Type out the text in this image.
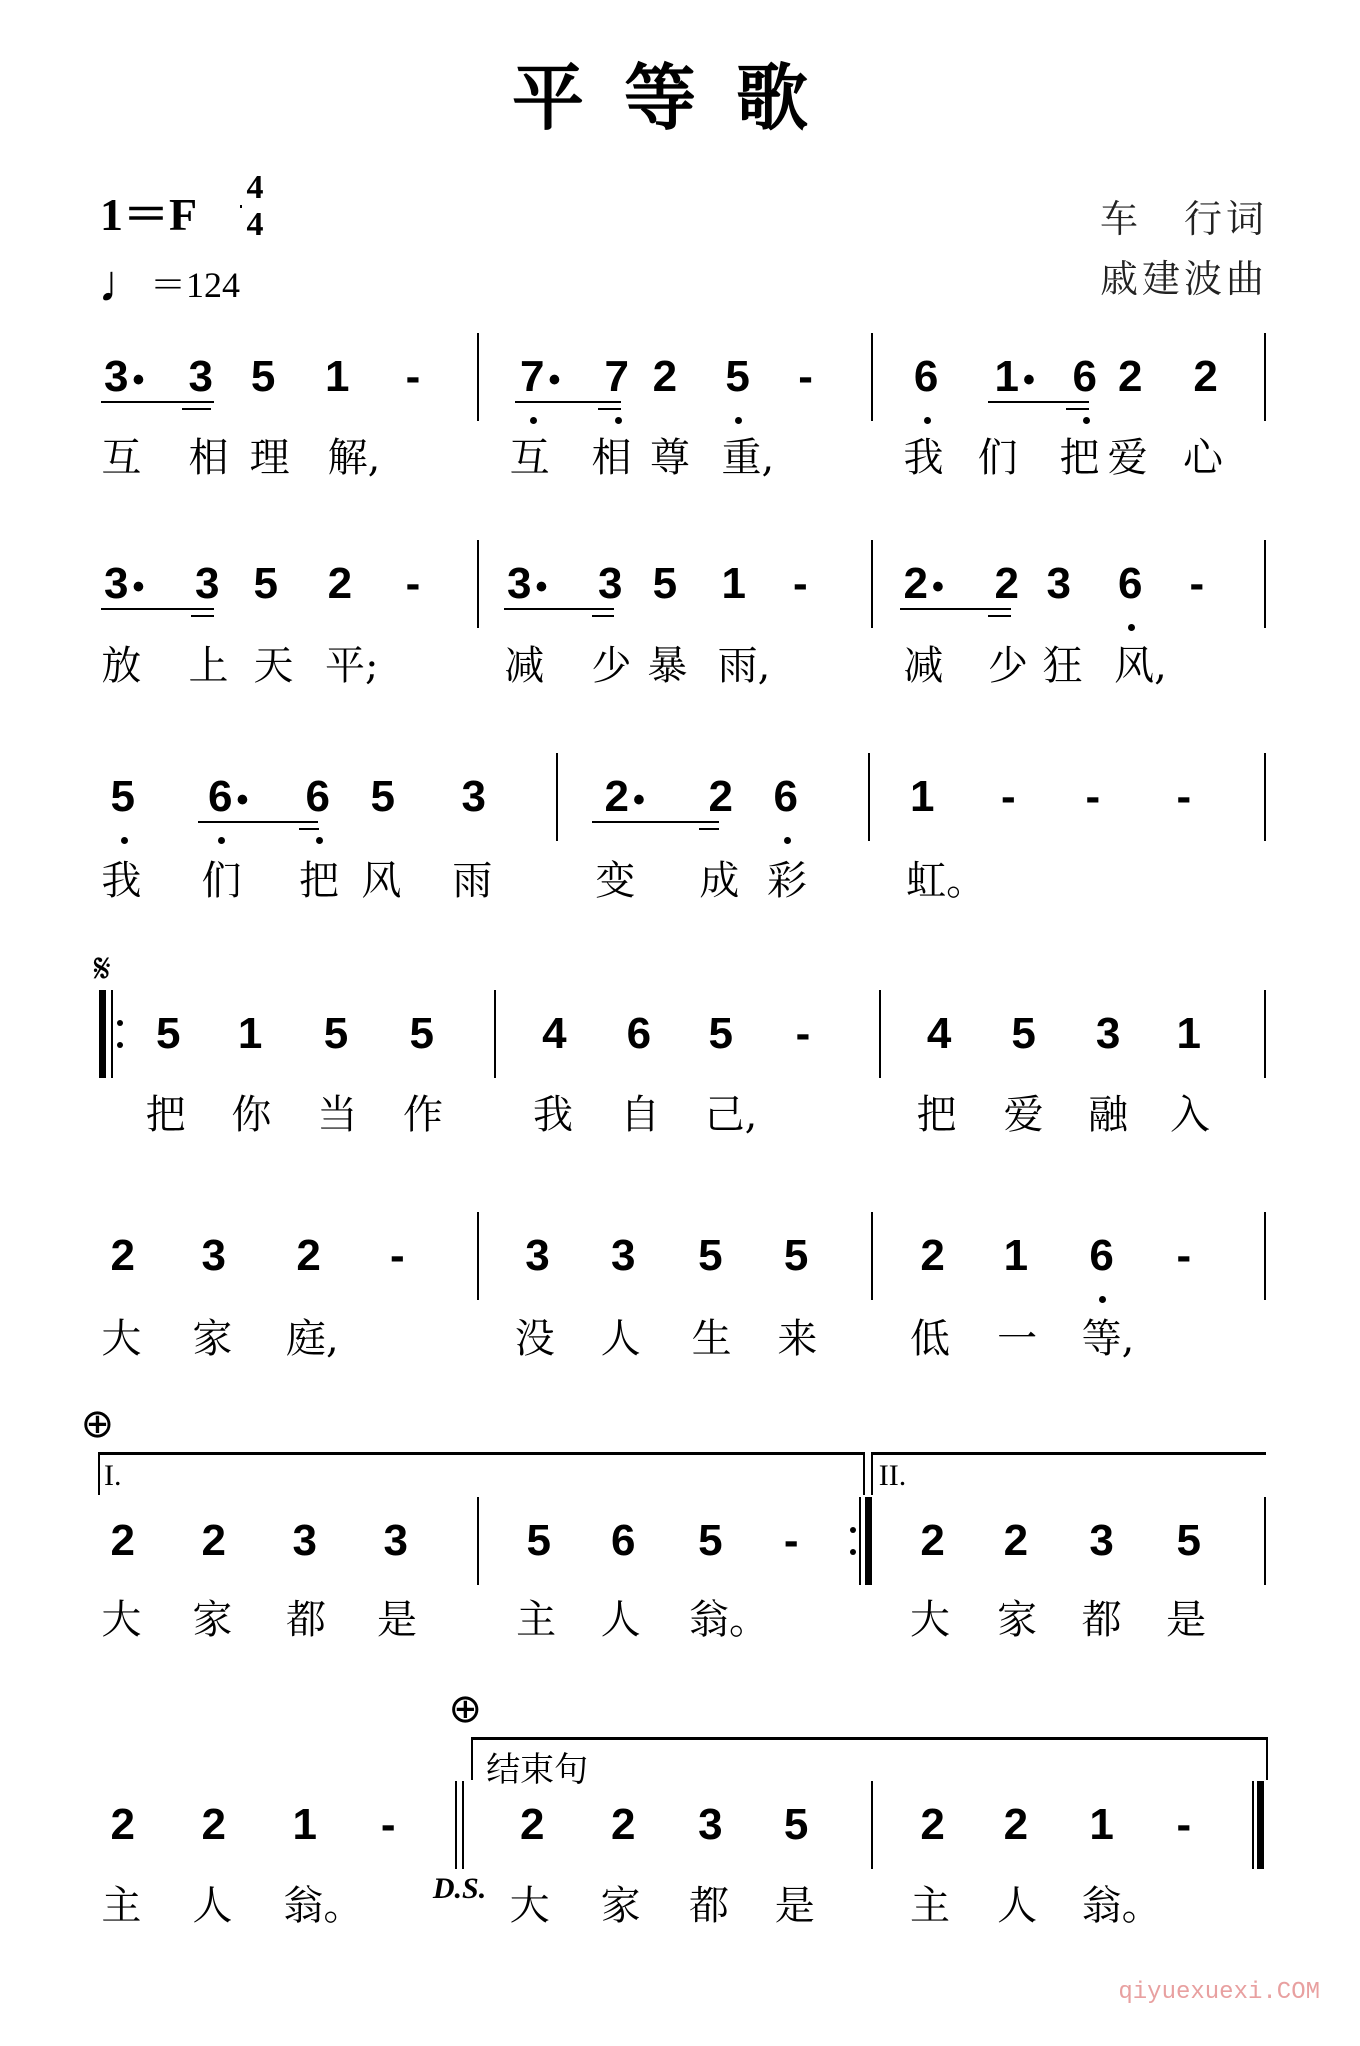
平等歌
1＝F
4
4
♩＝124
车　行词
戚建波曲
qiyuexuexi.COM
3 • 3 5 1 - 7 • 7 2 5 - 6 1 • 6 2 2
互 相 理 解,	互 相 尊 重,	我 们 把 爱 心
3 • 3 5 2 - 3 • 3 5 1 - 2 • 2 3 6 -
放 上 天 平;	减 少 暴 雨,	减 少 狂 风,
5 6 • 6 5 3	2 • 2 6	1 - - -
我 们 把 风 雨	变 成 彩 虹。
5 1 5 5 4 6 5 -	4 5 3 1
把 你 当 作 我 自 己,	把 爱 融 入
2 3 2 -	3 3 5 5	2 1 6 -
大 家 庭,	没 人 生 来 低 一 等,
2 2 3 3	5 6 5 -	2 2 3 5
大 家 都 是 主 人 翁。	大 家 都 是
2 2 1 -	2 2 3 5	2 2 1 -
主 人 翁。	大 家 都 是 主 人 翁。
𝄋
⊕
I.	II.
⊕
结束句
D.S.
